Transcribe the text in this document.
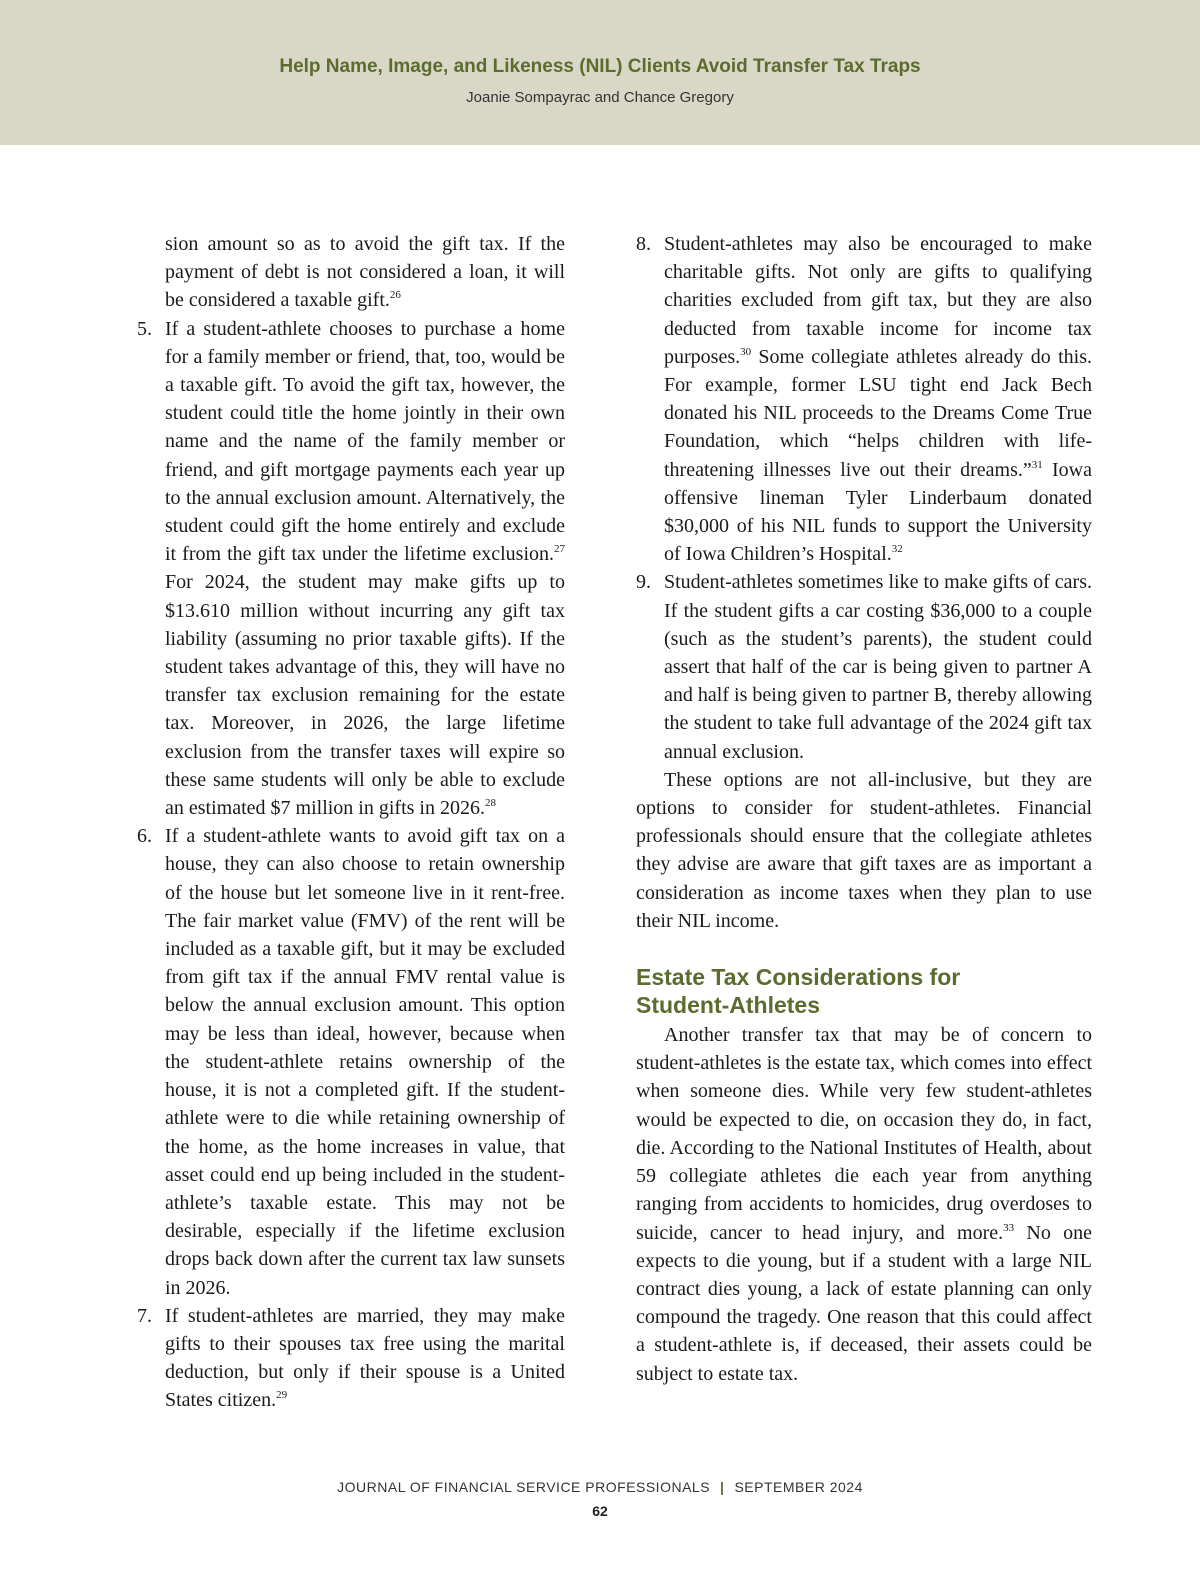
Help Name, Image, and Likeness (NIL) Clients Avoid Transfer Tax Traps
Joanie Sompayrac and Chance Gregory

sion amount so as to avoid the gift tax. If the payment of debt is not considered a loan, it will be considered a taxable gift.$^{26}$

5. If a student-athlete chooses to purchase a home for a family member or friend, that, too, would be a taxable gift. To avoid the gift tax, however, the student could title the home jointly in their own name and the name of the family member or friend, and gift mortgage payments each year up to the annual exclusion amount. Alternatively, the student could gift the home entirely and exclude it from the gift tax under the lifetime exclusion.$^{27}$ For 2024, the student may make gifts up to $13.610 million without incurring any gift tax liability (assuming no prior taxable gifts). If the student takes advantage of this, they will have no transfer tax exclusion remaining for the estate tax. Moreover, in 2026, the large lifetime exclusion from the transfer taxes will expire so these same students will only be able to exclude an estimated $7 million in gifts in 2026.28

6. If a student-athlete wants to avoid gift tax on a house, they can also choose to retain ownership of the house but let someone live in it rent-free. The fair market value (FMV) of the rent will be included as a taxable gift, but it may be excluded from gift tax if the annual FMV rental value is below the annual exclusion amount. This option may be less than ideal, however, because when the student-athlete retains ownership of the house, it is not a completed gift. If the student-athlete were to die while retaining ownership of the home, as the home increases in value, that asset could end up being included in the student-athlete’s taxable estate. This may not be desirable, especially if the lifetime exclusion drops back down after the current tax law sunsets in 2026.

7. If student-athletes are married, they may make gifts to their spouses tax free using the marital deduction, but only if their spouse is a United States citizen.$^{29}$

8. Student-athletes may also be encouraged to make charitable gifts. Not only are gifts to qualifying charities excluded from gift tax, but they are also deducted from taxable income for income tax purposes.$^{30}$ Some collegiate athletes already do this. For example, former LSU tight end Jack Bech donated his NIL proceeds to the Dreams Come True Foundation, which “helps children with life-threatening illnesses live out their dreams.”$^{31}$ Iowa offensive lineman Tyler Linderbaum donated $30,000 of his NIL funds to support the University of Iowa Children’s Hospital.$^{32}$

9. Student-athletes sometimes like to make gifts of cars. If the student gifts a car costing $36,000 to a couple (such as the student’s parents), the student could assert that half of the car is being given to partner A and half is being given to partner B, thereby allowing the student to take full advantage of the 2024 gift tax annual exclusion.

These options are not all-inclusive, but they are options to consider for student-athletes. Financial professionals should ensure that the collegiate athletes they advise are aware that gift taxes are as important a consideration as income taxes when they plan to use their NIL income.

Estate Tax Considerations for
Student-Athletes

Another transfer tax that may be of concern to student-athletes is the estate tax, which comes into effect when someone dies. While very few student-athletes would be expected to die, on occasion they do, in fact, die. According to the National Institutes of Health, about 59 collegiate athletes die each year from anything ranging from accidents to homicides, drug overdoses to suicide, cancer to head injury, and more.$^{33}$ No one expects to die young, but if a student with a large NIL contract dies young, a lack of estate planning can only compound the tragedy. One reason that this could affect a student-athlete is, if deceased, their assets could be subject to estate tax.

JOURNAL OF FINANCIAL SERVICE PROFESSIONALS | SEPTEMBER 2024
62
